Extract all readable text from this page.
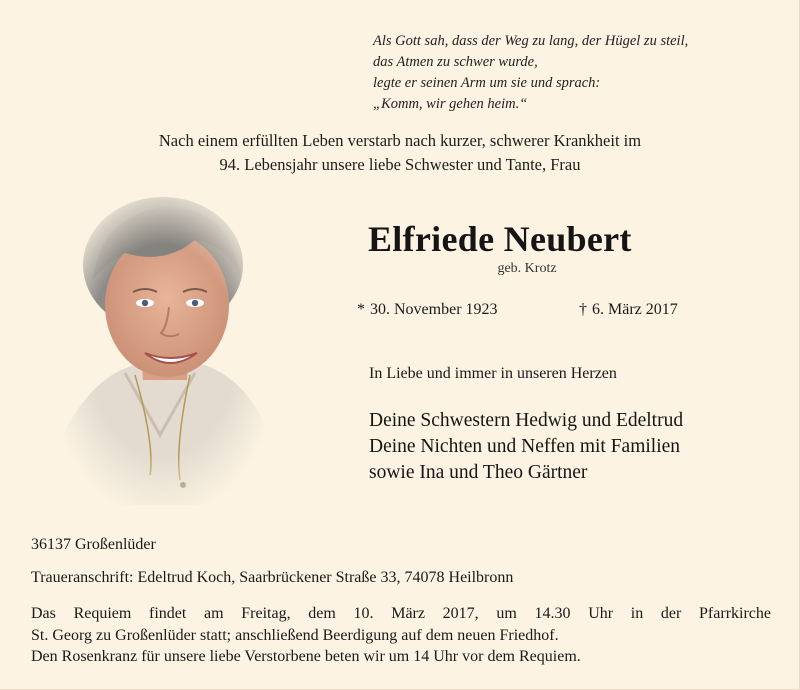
Als Gott sah, dass der Weg zu lang, der Hügel zu steil,
das Atmen zu schwer wurde,
legte er seinen Arm um sie und sprach:
„Komm, wir gehen heim.“
Nach einem erfüllten Leben verstarb nach kurzer, schwerer Krankheit im
94. Lebensjahr unsere liebe Schwester und Tante, Frau
Elfriede Neubert
geb. Krotz
* 30. November 1923	† 6. März 2017
In Liebe und immer in unseren Herzen
Deine Schwestern Hedwig und Edeltrud
Deine Nichten und Neffen mit Familien
sowie Ina und Theo Gärtner
36137 Großenlüder
Traueranschrift: Edeltrud Koch, Saarbrückener Straße 33, 74078 Heilbronn
Das Requiem findet am Freitag, dem 10. März 2017, um 14.30 Uhr in der Pfarrkirche
St. Georg zu Großenlüder statt; anschließend Beerdigung auf dem neuen Friedhof.
Den Rosenkranz für unsere liebe Verstorbene beten wir um 14 Uhr vor dem Requiem.
